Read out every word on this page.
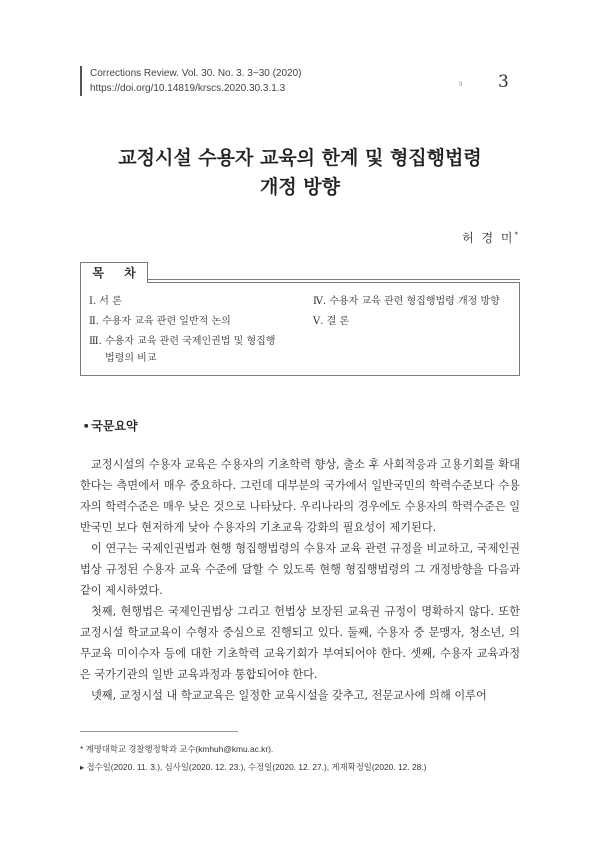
Corrections Review. Vol. 30. No. 3. 3~30 (2020)
https://doi.org/10.14819/krscs.2020.30.3.1.3	3 3
교정시설 수용자 교육의 한계 및 형집행법령
개정 방향
허 경 미*
목 차
Ⅰ. 서 론
Ⅱ. 수용자 교육 관련 일반적 논의
Ⅲ. 수용자 교육 관련 국제인권법 및 형집행
법령의 비교
Ⅳ. 수용자 교육 관련 형집행법령 개정 방향
Ⅴ. 결 론
■ 국문요약

교정시설의 수용자 교육은 수용자의 기초학력 향상, 출소 후 사회적응과 고용기회를 확대한다는 측면에서 매우 중요하다. 그런데 대부분의 국가에서 일반국민의 학력수준보다 수용자의 학력수준은 매우 낮은 것으로 나타났다. 우리나라의 경우에도 수용자의 학력수준은 일반국민 보다 현저하게 낮아 수용자의 기초교육 강화의 필요성이 제기된다.

이 연구는 국제인권법과 현행 형집행법령의 수용자 교육 관련 규정을 비교하고, 국제인권법상 규정된 수용자 교육 수준에 달할 수 있도록 현행 형집행법령의 그 개정방향을 다음과 같이 제시하였다.

첫째, 현행법은 국제인권법상 그리고 헌법상 보장된 교육권 규정이 명확하지 않다. 또한 교정시설 학교교육이 수형자 중심으로 진행되고 있다. 둘째, 수용자 중 문맹자, 청소년, 의무교육 미이수자 등에 대한 기초학력 교육기회가 부여되어야 한다. 셋째, 수용자 교육과정은 국가기관의 일반 교육과정과 통합되어야 한다.

넷째, 교정시설 내 학교교육은 일정한 교육시설을 갖추고, 전문교사에 의해 이루어

* 계명대학교 경찰행정학과 교수(kmhuh@kmu.ac.kr).
▸ 접수일(2020. 11. 3.), 심사일(2020. 12. 23.), 수정일(2020. 12. 27.), 게재확정일(2020. 12. 28.)
